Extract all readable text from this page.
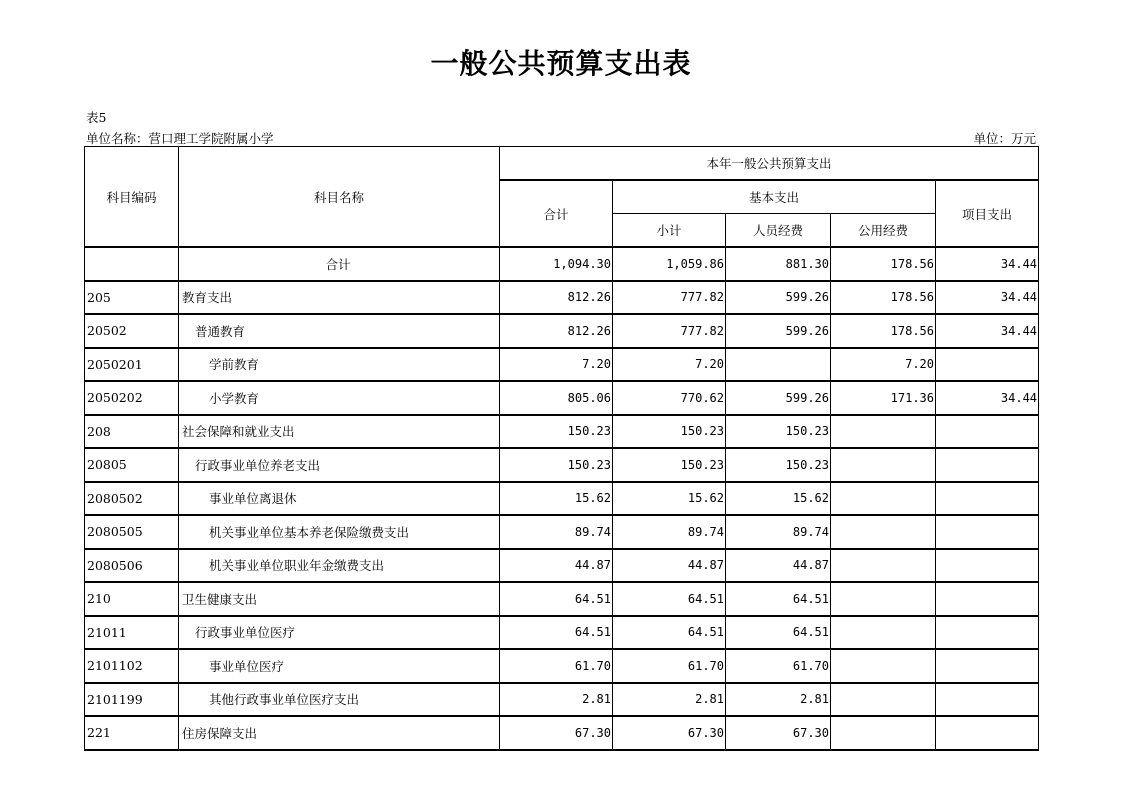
一般公共预算支出表
表5
单位名称：营口理工学院附属小学	单位：万元
科目编码	科目名称	本年一般公共预算支出				
		合计	基本支出			项目支出
			小计	人员经费	公用经费	
	合计	1,094.30	1,059.86	881.30	178.56	34.44
205	教育支出	812.26	777.82	599.26	178.56	34.44
20502	普通教育	812.26	777.82	599.26	178.56	34.44
2050201	学前教育	7.20	7.20		7.20	
2050202	小学教育	805.06	770.62	599.26	171.36	34.44
208	社会保障和就业支出	150.23	150.23	150.23		
20805	行政事业单位养老支出	150.23	150.23	150.23		
2080502	事业单位离退休	15.62	15.62	15.62		
2080505	机关事业单位基本养老保险缴费支出	89.74	89.74	89.74		
2080506	机关事业单位职业年金缴费支出	44.87	44.87	44.87		
210	卫生健康支出	64.51	64.51	64.51		
21011	行政事业单位医疗	64.51	64.51	64.51		
2101102	事业单位医疗	61.70	61.70	61.70		
2101199	其他行政事业单位医疗支出	2.81	2.81	2.81		
221	住房保障支出	67.30	67.30	67.30		
